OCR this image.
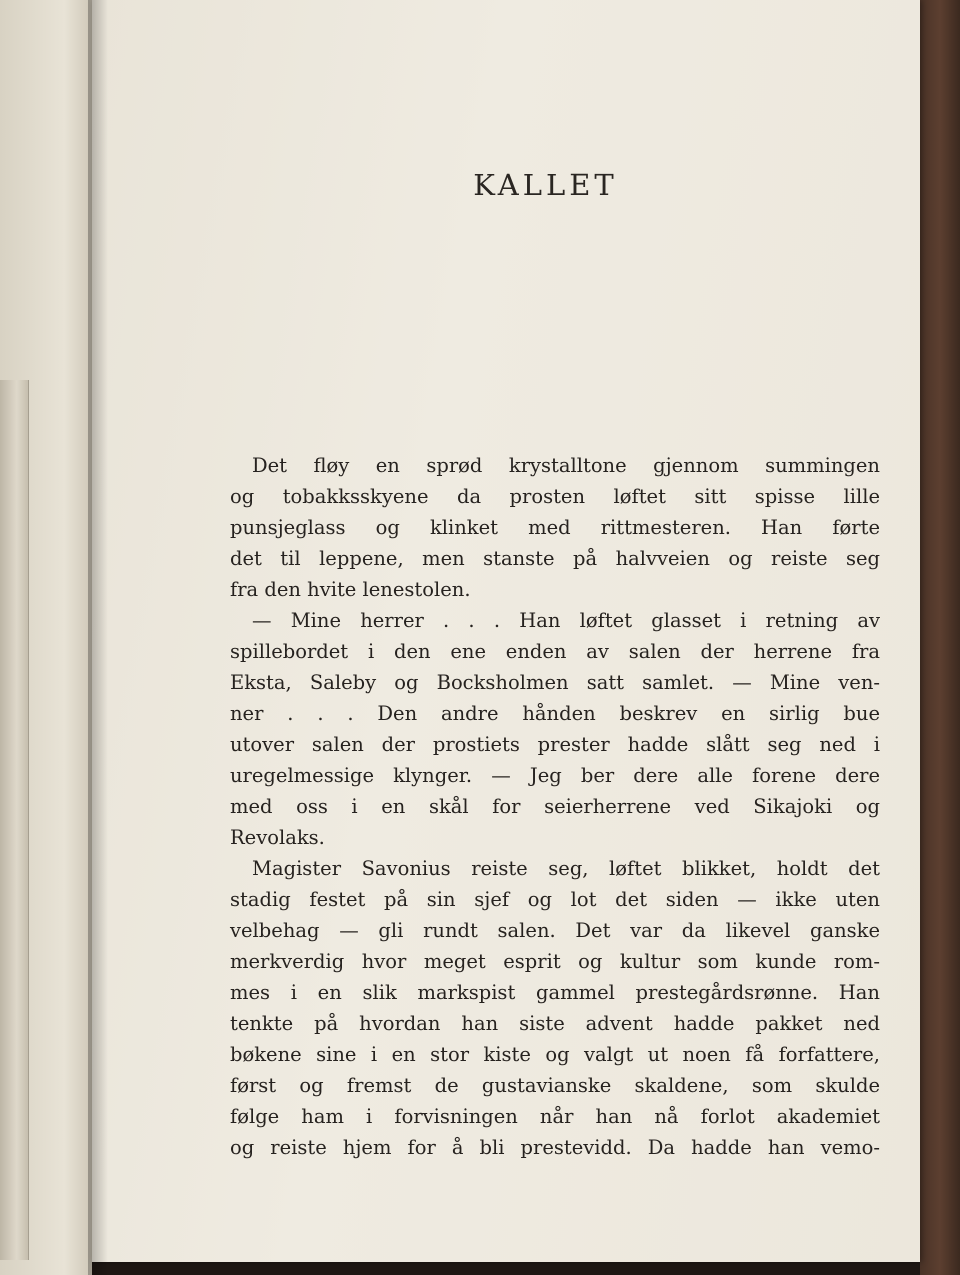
KALLET

Det fløy en sprød krystalltone gjennom summingen
og tobakksskyene da prosten løftet sitt spisse lille
punsjeglass og klinket med rittmesteren. Han førte
det til leppene, men stanste på halvveien og reiste seg
fra den hvite lenestolen.

— Mine herrer . . . Han løftet glasset i retning av
spillebordet i den ene enden av salen der herrene fra
Eksta, Saleby og Bocksholmen satt samlet. — Mine ven-
ner . . . Den andre hånden beskrev en sirlig bue
utover salen der prostiets prester hadde slått seg ned i
uregelmessige klynger. — Jeg ber dere alle forene dere
med oss i en skål for seierherrene ved Sikajoki og
Revolaks.

Magister Savonius reiste seg, løftet blikket, holdt det
stadig festet på sin sjef og lot det siden — ikke uten
velbehag — gli rundt salen. Det var da likevel ganske
merkverdig hvor meget esprit og kultur som kunde rom-
mes i en slik markspist gammel prestegårdsrønne. Han
tenkte på hvordan han siste advent hadde pakket ned
bøkene sine i en stor kiste og valgt ut noen få forfattere,
først og fremst de gustavianske skaldene, som skulde
følge ham i forvisningen når han nå forlot akademiet
og reiste hjem for å bli prestevidd. Da hadde han vemo-
